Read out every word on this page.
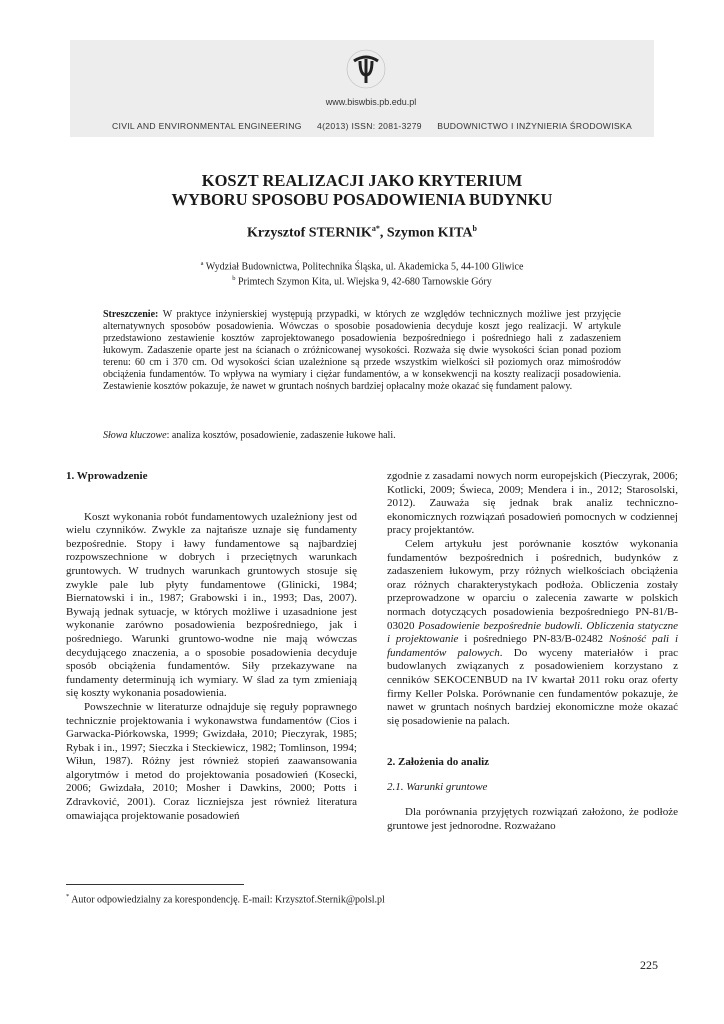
www.biswbis.pb.edu.pl
CIVIL AND ENVIRONMENTAL ENGINEERING 4(2013) ISSN: 2081-3279 BUDOWNICTWO I INŻYNIERIA ŚRODOWISKA
KOSZT REALIZACJI JAKO KRYTERIUM
WYBORU SPOSOBU POSADOWIENIA BUDYNKU
Krzysztof $STERNIK^{a*}$, Szymon KITA$^b$
$^a$ Wydział Budownictwa, Politechnika Śląska, ul. Akademicka 5, 44-100 Gliwice
$^b$ Primtech Szymon Kita, ul. Wiejska 9, 42-680 Tarnowskie Góry
Streszczenie: W praktyce inżynierskiej występują przypadki, w których ze względów technicznych możliwe jest przyjęcie alternatywnych sposobów posadowienia. Wówczas o sposobie posadowienia decyduje koszt jego realizacji. W artykule przedstawiono zestawienie kosztów zaprojektowanego posadowienia bezpośredniego i pośredniego hali z zadaszeniem łukowym. Zadaszenie oparte jest na ścianach o zróżnicowanej wysokości. Rozważa się dwie wysokości ścian ponad poziom terenu: 60 cm i 370 cm. Od wysokości ścian uzależnione są przede wszystkim wielkości sił poziomych oraz mimośrodów obciążenia fundamentów. To wpływa na wymiary i ciężar fundamentów, a w konsekwencji na koszty realizacji posadowienia. Zestawienie kosztów pokazuje, że nawet w gruntach nośnych bardziej opłacalny może okazać się fundament palowy.
Słowa kluczowe: analiza kosztów, posadowienie, zadaszenie łukowe hali.
1. Wprowadzenie

Koszt wykonania robót fundamentowych uzależniony jest od wielu czynników. Zwykle za najtańsze uznaje się fundamenty bezpośrednie. Stopy i ławy fundamentowe są najbardziej rozpowszechnione w dobrych i przeciętnych warunkach gruntowych. W trudnych warunkach gruntowych stosuje się zwykle pale lub płyty fundamentowe (Glinicki, 1984; Biernatowski i in., 1987; Grabowski i in., 1993; Das, 2007). Bywają jednak sytuacje, w których możliwe i uzasadnione jest wykonanie zarówno posadowienia bezpośredniego, jak i pośredniego. Warunki gruntowo-wodne nie mają wówczas decydującego znaczenia, a o sposobie posadowienia decyduje sposób obciążenia fundamentów. Siły przekazywane na fundamenty determinują ich wymiary. W ślad za tym zmieniają się koszty wykonania posadowienia.

Powszechnie w literaturze odnajduje się reguły poprawnego technicznie projektowania i wykonawstwa fundamentów (Cios i Garwacka-Piórkowska, 1999; Gwizdała, 2010; Pieczyrak, 1985; Rybak i in., 1997; Sieczka i Steckiewicz, 1982; Tomlinson, 1994; Wiłun, 1987). Różny jest również stopień zaawansowania algorytmów i metod do projektowania posadowień (Kosecki, 2006; Gwizdała, 2010; Mosher i Dawkins, 2000; Potts i Zdravković, 2001). Coraz liczniejsza jest również literatura omawiająca projektowanie posadowień

zgodnie z zasadami nowych norm europejskich (Pieczyrak, 2006; Kotlicki, 2009; Świeca, 2009; Mendera i in., 2012; Starosolski, 2012). Zauważa się jednak brak analiz techniczno-ekonomicznych rozwiązań posadowień pomocnych w codziennej pracy projektantów.

Celem artykułu jest porównanie kosztów wykonania fundamentów bezpośrednich i pośrednich, budynków z zadaszeniem łukowym, przy różnych wielkościach obciążenia oraz różnych charakterystykach podłoża. Obliczenia zostały przeprowadzone w oparciu o zalecenia zawarte w polskich normach dotyczących posadowienia bezpośredniego PN-81/B-03020 Posadowienie bezpośrednie budowli. Obliczenia statyczne i projektowanie i pośredniego PN-83/B-02482 Nośność pali i fundamentów palowych. Do wyceny materiałów i prac budowlanych związanych z posadowieniem korzystano z cenników SEKOCENBUD na IV kwartał 2011 roku oraz oferty firmy Keller Polska. Porównanie cen fundamentów pokazuje, że nawet w gruntach nośnych bardziej ekonomiczne może okazać się posadowienie na palach.

2. Założenia do analiz
2.1. Warunki gruntowe

Dla porównania przyjętych rozwiązań założono, że podłoże gruntowe jest jednorodne. Rozważano

* Autor odpowiedzialny za korespondencję. E-mail: Krzysztof.Sternik@polsl.pl
225
